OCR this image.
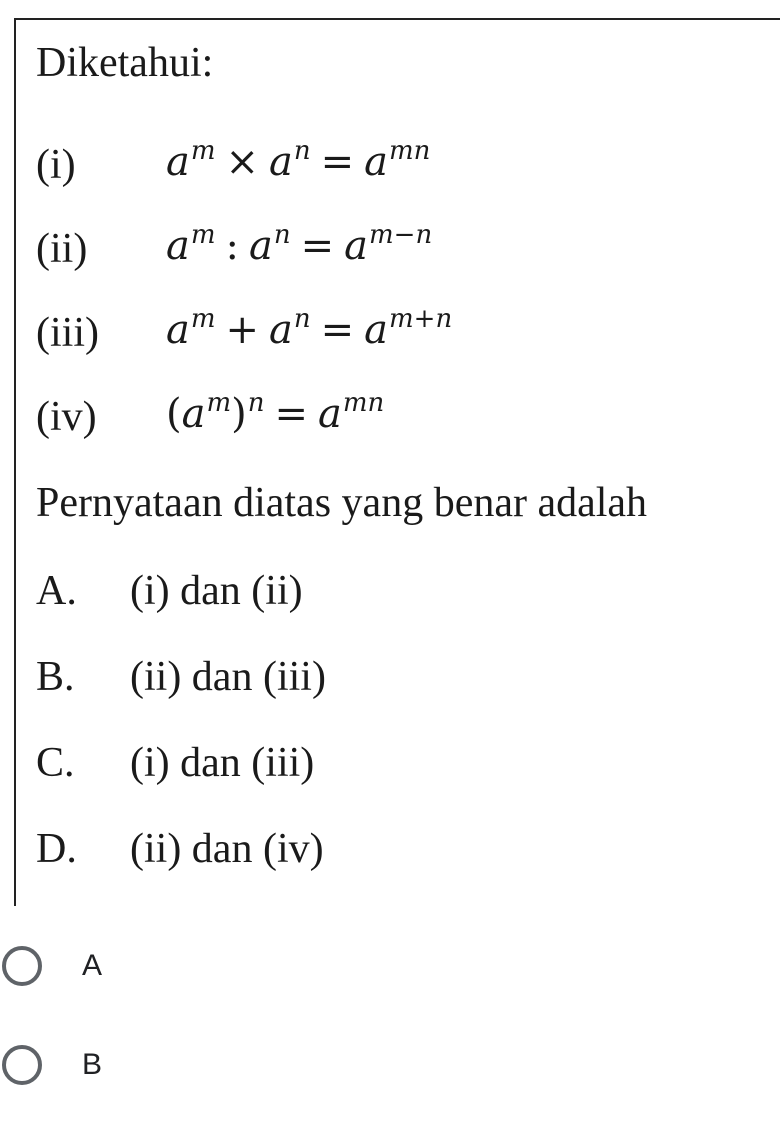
Diketahui:
(i) $a^m \times a^n = a^{mn}$
(ii) $a^m$ : $a^n = a^{m-n}$
(iii) $a^m + a^n = a^{m+n}$
(iv) $(a^m)^n = a^{mn}$
Pernyataan diatas yang benar adalah
A. (i) dan (ii)
B. (ii) dan (iii)
C. (i) dan (iii)
D. (ii) dan (iv)
A
B
